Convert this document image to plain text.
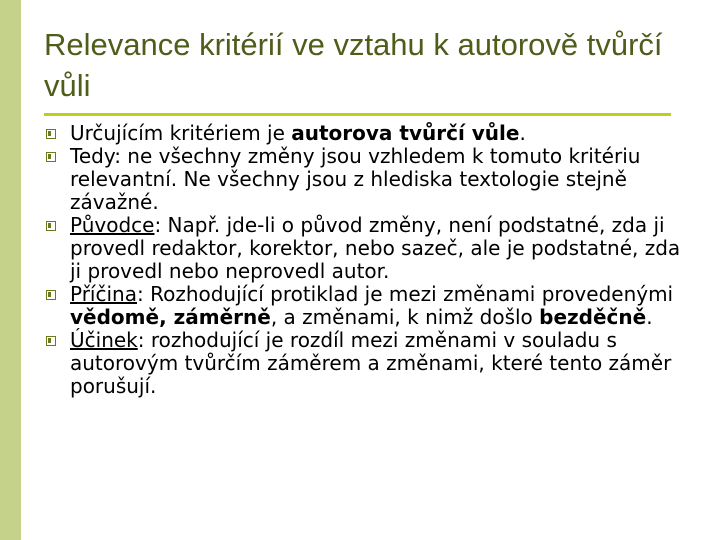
Relevance kritérií ve vztahu k autorově tvůrčí vůli
Určujícím kritériem je autorova tvůrčí vůle.
Tedy: ne všechny změny jsou vzhledem k tomuto kritériu relevantní. Ne všechny jsou z hlediska textologie stejně závažné.
Původce: Např. jde-li o původ změny, není podstatné, zda ji provedl redaktor, korektor, nebo sazeč, ale je podstatné, zda ji provedl nebo neprovedl autor.
Příčina: Rozhodující protiklad je mezi změnami provedenými vědomě, záměrně, a změnami, k nimž došlo bezděčně.
Účinek: rozhodující je rozdíl mezi změnami v souladu s autorovým tvůrčím záměrem a změnami, které tento záměr porušují.
